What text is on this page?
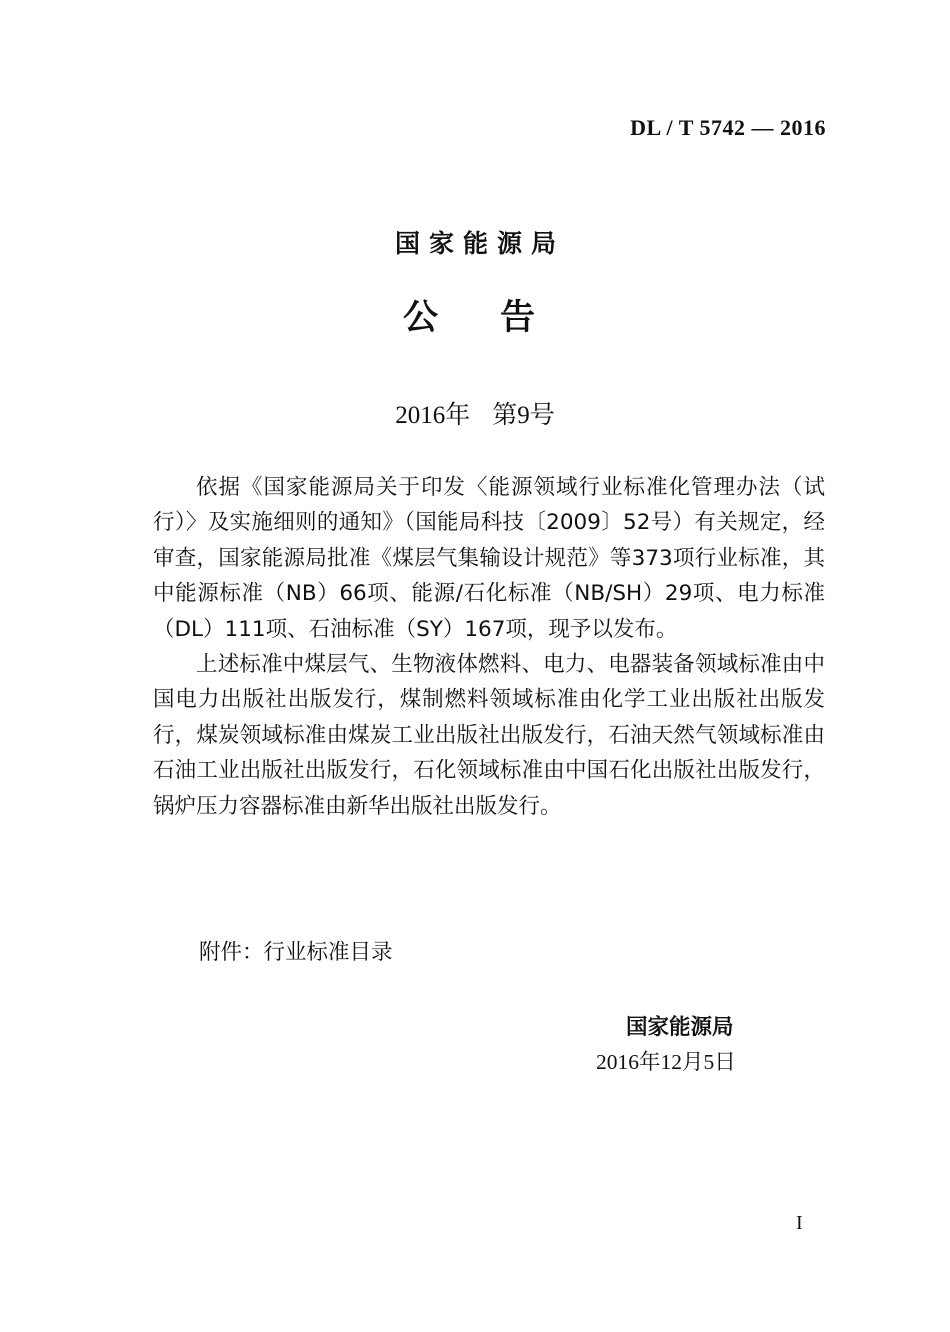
DL / T 5742 — 2016
国家能源局
公告
2016年 第9号

依据《国家能源局关于印发〈能源领域行业标准化管理办法（试行）〉及实施细则的通知》（国能局科技〔2009〕52号）有关规定，经审查，国家能源局批准《煤层气集输设计规范》等373项行业标准，其中能源标准（NB）66项、能源/石化标准（NB/SH）29项、电力标准（DL）111项、石油标准（SY）167项，现予以发布。

上述标准中煤层气、生物液体燃料、电力、电器装备领域标准由中国电力出版社出版发行，煤制燃料领域标准由化学工业出版社出版发行，煤炭领域标准由煤炭工业出版社出版发行，石油天然气领域标准由石油工业出版社出版发行，石化领域标准由中国石化出版社出版发行，锅炉压力容器标准由新华出版社出版发行。

附件：行业标准目录
国家能源局
2016年12月5日
I
